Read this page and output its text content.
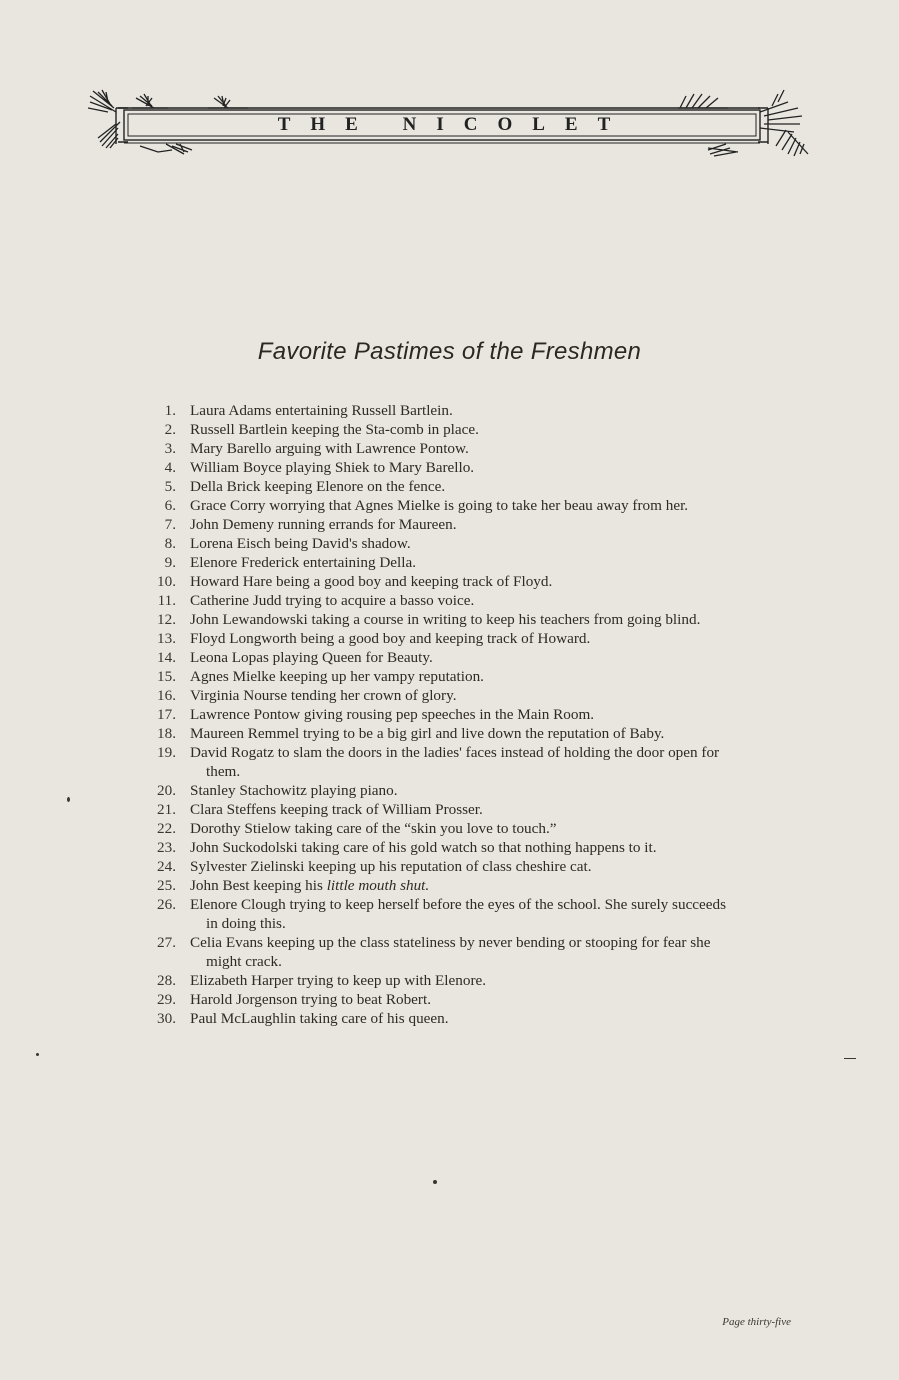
THE NICOLET
Favorite Pastimes of the Freshmen
1. Laura Adams entertaining Russell Bartlein.
2. Russell Bartlein keeping the Sta-comb in place.
3. Mary Barello arguing with Lawrence Pontow.
4. William Boyce playing Shiek to Mary Barello.
5. Della Brick keeping Elenore on the fence.
6. Grace Corry worrying that Agnes Mielke is going to take her beau away from her.
7. John Demeny running errands for Maureen.
8. Lorena Eisch being David's shadow.
9. Elenore Frederick entertaining Della.
10. Howard Hare being a good boy and keeping track of Floyd.
11. Catherine Judd trying to acquire a basso voice.
12. John Lewandowski taking a course in writing to keep his teachers from going blind.
13. Floyd Longworth being a good boy and keeping track of Howard.
14. Leona Lopas playing Queen for Beauty.
15. Agnes Mielke keeping up her vampy reputation.
16. Virginia Nourse tending her crown of glory.
17. Lawrence Pontow giving rousing pep speeches in the Main Room.
18. Maureen Remmel trying to be a big girl and live down the reputation of Baby.
19. David Rogatz to slam the doors in the ladies' faces instead of holding the door open for them.
20. Stanley Stachowitz playing piano.
21. Clara Steffens keeping track of William Prosser.
22. Dorothy Stielow taking care of the “skin you love to touch.”
23. John Suckodolski taking care of his gold watch so that nothing happens to it.
24. Sylvester Zielinski keeping up his reputation of class cheshire cat.
25. John Best keeping his little mouth shut.
26. Elenore Clough trying to keep herself before the eyes of the school. She surely succeeds in doing this.
27. Celia Evans keeping up the class stateliness by never bending or stooping for fear she might crack.
28. Elizabeth Harper trying to keep up with Elenore.
29. Harold Jorgenson trying to beat Robert.
30. Paul McLaughlin taking care of his queen.
Page thirty-five
